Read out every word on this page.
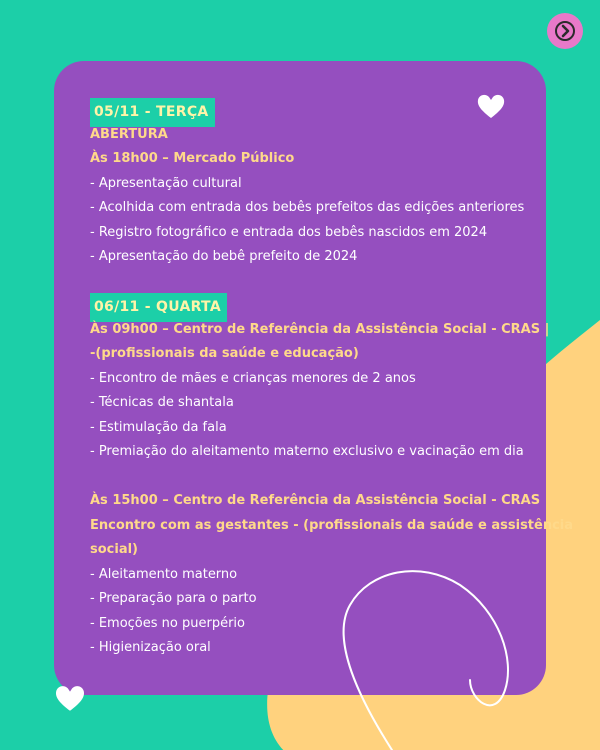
05/11 - TERÇA
ABERTURA
Às 18h00 – Mercado Público
- Apresentação cultural
- Acolhida com entrada dos bebês prefeitos das edições anteriores
- Registro fotográfico e entrada dos bebês nascidos em 2024
- Apresentação do bebê prefeito de 2024
06/11 - QUARTA
Às 09h00 – Centro de Referência da Assistência Social - CRAS |
-(profissionais da saúde e educação)
- Encontro de mães e crianças menores de 2 anos
- Técnicas de shantala
- Estimulação da fala
- Premiação do aleitamento materno exclusivo e vacinação em dia
Às 15h00 – Centro de Referência da Assistência Social - CRAS
Encontro com as gestantes - (profissionais da saúde e assistência
social)
- Aleitamento materno
- Preparação para o parto
- Emoções no puerpério
- Higienização oral
